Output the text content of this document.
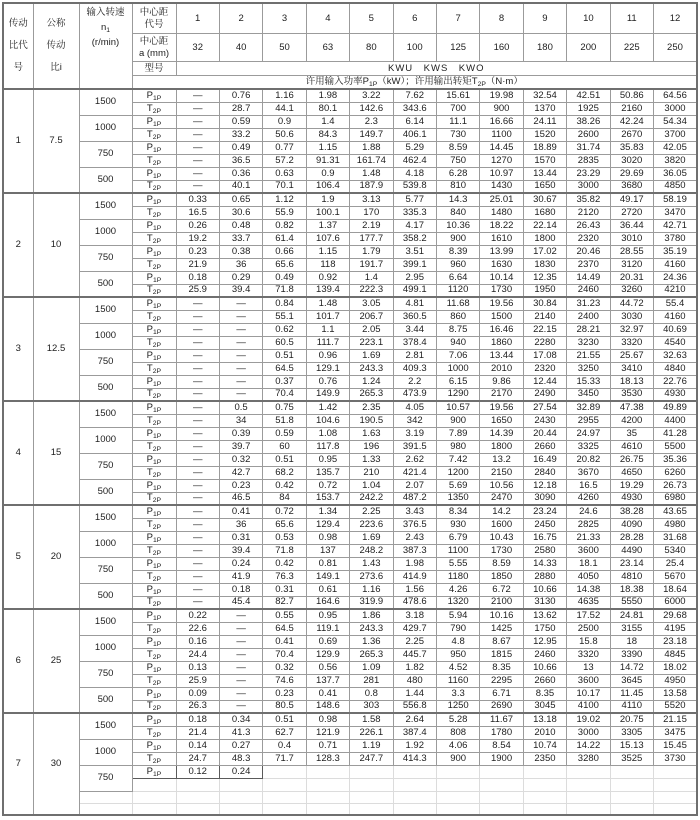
传动
比代
号

公称
传动
比i

输入转速
$n_1$
(r/min)

中心距
代号
	1	2	3	4	5	6	7	8	9	10	11	12

			中心距
a (mm)	32	40	50	63	80	100	125	160	180	200	225	250
			型号	KWU　KWS　KWO											
			许用输入功率$P_{1P}(kW)$；许用输出转矩$T_{2P}(N\cdot m)$												
1	7.5	1500	$P_{1P}$	—	0.76	1.16	1.98	3.22	7.62	15.61	19.98	32.54	42.51	50.86	64.56
			$T_{2P}$	—	28.7	44.1	80.1	142.6	343.6	700	900	1370	1925	2160	3000
		1000	$P_{1P}$	—	0.59	0.9	1.4	2.3	6.14	11.1	16.66	24.11	38.26	42.24	54.34
			$T_{2P}$	—	33.2	50.6	84.3	149.7	406.1	730	1100	1520	2600	2670	3700
		750	$P_{1P}$	—	0.49	0.77	1.15	1.88	5.29	8.59	14.45	18.89	31.74	35.83	42.05
			$T_{2P}$	—	36.5	57.2	91.31	161.74	462.4	750	1270	1570	2835	3020	3820
		500	$P_{1P}$	—	0.36	0.63	0.9	1.48	4.18	6.28	10.97	13.44	23.29	29.69	36.05
			$T_{2P}$	—	40.1	70.1	106.4	187.9	539.8	810	1430	1650	3000	3680	4850
2	10	1500	$P_{1P}$	0.33	0.65	1.12	1.9	3.13	5.77	14.3	25.01	30.67	35.82	49.17	58.19
			$T_{2P}$	16.5	30.6	55.9	100.1	170	335.3	840	1480	1680	2120	2720	3470
		1000	$P_{1P}$	0.26	0.48	0.82	1.37	2.19	4.17	10.36	18.22	22.14	26.43	36.44	42.71
			$T_{2P}$	19.2	33.7	61.4	107.6	177.7	358.2	900	1610	1800	2320	3010	3780
		750	$P_{1P}$	0.23	0.38	0.66	1.15	1.79	3.51	8.39	13.99	17.02	20.46	28.55	35.19
			$T_{2P}$	21.9	36	65.6	118	191.7	399.1	960	1630	1830	2370	3120	4160
		500	$P_{1P}$	0.18	0.29	0.49	0.92	1.4	2.95	6.64	10.14	12.35	14.49	20.31	24.36
			$T_{2P}$	25.9	39.4	71.8	139.4	222.3	499.1	1120	1730	1950	2460	3260	4210
3	12.5	1500	$P_{1P}$	—	—	0.84	1.48	3.05	4.81	11.68	19.56	30.84	31.23	44.72	55.4
			$T_{2P}$	—	—	55.1	101.7	206.7	360.5	860	1500	2140	2400	3030	4160
		1000	$P_{1P}$	—	—	0.62	1.1	2.05	3.44	8.75	16.46	22.15	28.21	32.97	40.69
			$T_{2P}$	—	—	60.5	111.7	223.1	378.4	940	1860	2280	3230	3320	4540
		750	$P_{1P}$	—	—	0.51	0.96	1.69	2.81	7.06	13.44	17.08	21.55	25.67	32.63
			$T_{2P}$	—	—	64.5	129.1	243.3	409.3	1000	2010	2320	3250	3410	4840
		500	$P_{1P}$	—	—	0.37	0.76	1.24	2.2	6.15	9.86	12.44	15.33	18.13	22.76
			$T_{2P}$	—	—	70.4	149.9	265.3	473.9	1290	2170	2490	3450	3530	4930
4	15	1500	$P_{1P}$	—	0.5	0.75	1.42	2.35	4.05	10.57	19.56	27.54	32.89	47.38	49.89
			$T_{2P}$	—	34	51.8	104.6	190.5	342	900	1650	2430	2955	4200	4400
		1000	$P_{1P}$	—	0.39	0.59	1.08	1.63	3.19	7.89	14.39	20.44	24.97	35	41.28
			$T_{2P}$	—	39.7	60	117.8	196	391.5	980	1800	2660	3325	4610	5500
		750	$P_{1P}$	—	0.32	0.51	0.95	1.33	2.62	7.42	13.2	16.49	20.82	26.75	35.36
			$T_{2P}$	—	42.7	68.2	135.7	210	421.4	1200	2150	2840	3670	4650	6260
		500	$P_{1P}$	—	0.23	0.42	0.72	1.04	2.07	5.69	10.56	12.18	16.5	19.29	26.73
			$T_{2P}$	—	46.5	84	153.7	242.2	487.2	1350	2470	3090	4260	4930	6980
5	20	1500	$P_{1P}$	—	0.41	0.72	1.34	2.25	3.43	8.34	14.2	23.24	24.6	38.28	43.65
			$T_{2P}$	—	36	65.6	129.4	223.6	376.5	930	1600	2450	2825	4090	4980
		1000	$P_{1P}$	—	0.31	0.53	0.98	1.69	2.43	6.79	10.43	16.75	21.33	28.28	31.68
			$T_{2P}$	—	39.4	71.8	137	248.2	387.3	1100	1730	2580	3600	4490	5340
		750	$P_{1P}$	—	0.24	0.42	0.81	1.43	1.98	5.55	8.59	14.33	18.1	23.14	25.4
			$T_{2P}$	—	41.9	76.3	149.1	273.6	414.9	1180	1850	2880	4050	4810	5670
		500	$P_{1P}$	—	0.18	0.31	0.61	1.16	1.56	4.26	6.72	10.66	14.38	18.38	18.64
			$T_{2P}$	—	45.4	82.7	164.6	319.9	478.6	1320	2100	3130	4635	5550	6000
6	25	1500	$P_{1P}$	0.22	—	0.55	0.95	1.86	3.18	5.94	10.16	13.62	17.52	24.81	29.68
			$T_{2P}$	22.6	—	64.5	119.1	243.3	429.7	790	1425	1750	2500	3155	4195
		1000	$P_{1P}$	0.16	—	0.41	0.69	1.36	2.25	4.8	8.67	12.95	15.8	18	23.18
			$T_{2P}$	24.4	—	70.4	129.9	265.3	445.7	950	1815	2460	3320	3390	4845
		750	$P_{1P}$	0.13	—	0.32	0.56	1.09	1.82	4.52	8.35	10.66	13	14.72	18.02
			$T_{2P}$	25.9	—	74.6	137.7	281	480	1160	2295	2660	3600	3645	4950
		500	$P_{1P}$	0.09	—	0.23	0.41	0.8	1.44	3.3	6.71	8.35	10.17	11.45	13.58
			$T_{2P}$	26.3	—	80.5	148.6	303	556.8	1250	2690	3045	4100	4110	5520
7	30	1500	$P_{1P}$	0.18	0.34	0.51	0.98	1.58	2.64	5.28	11.67	13.18	19.02	20.75	21.15
			$T_{2P}$	21.4	41.3	62.7	121.9	226.1	387.4	808	1780	2010	3000	3305	3475
		1000	$P_{1P}$	0.14	0.27	0.4	0.71	1.19	1.92	4.06	8.54	10.74	14.22	15.13	15.45
			$T_{2P}$	24.7	48.3	71.7	128.3	247.7	414.3	900	1900	2350	3280	3525	3730
		750	$P_{1P}$	0.12	0.24										
